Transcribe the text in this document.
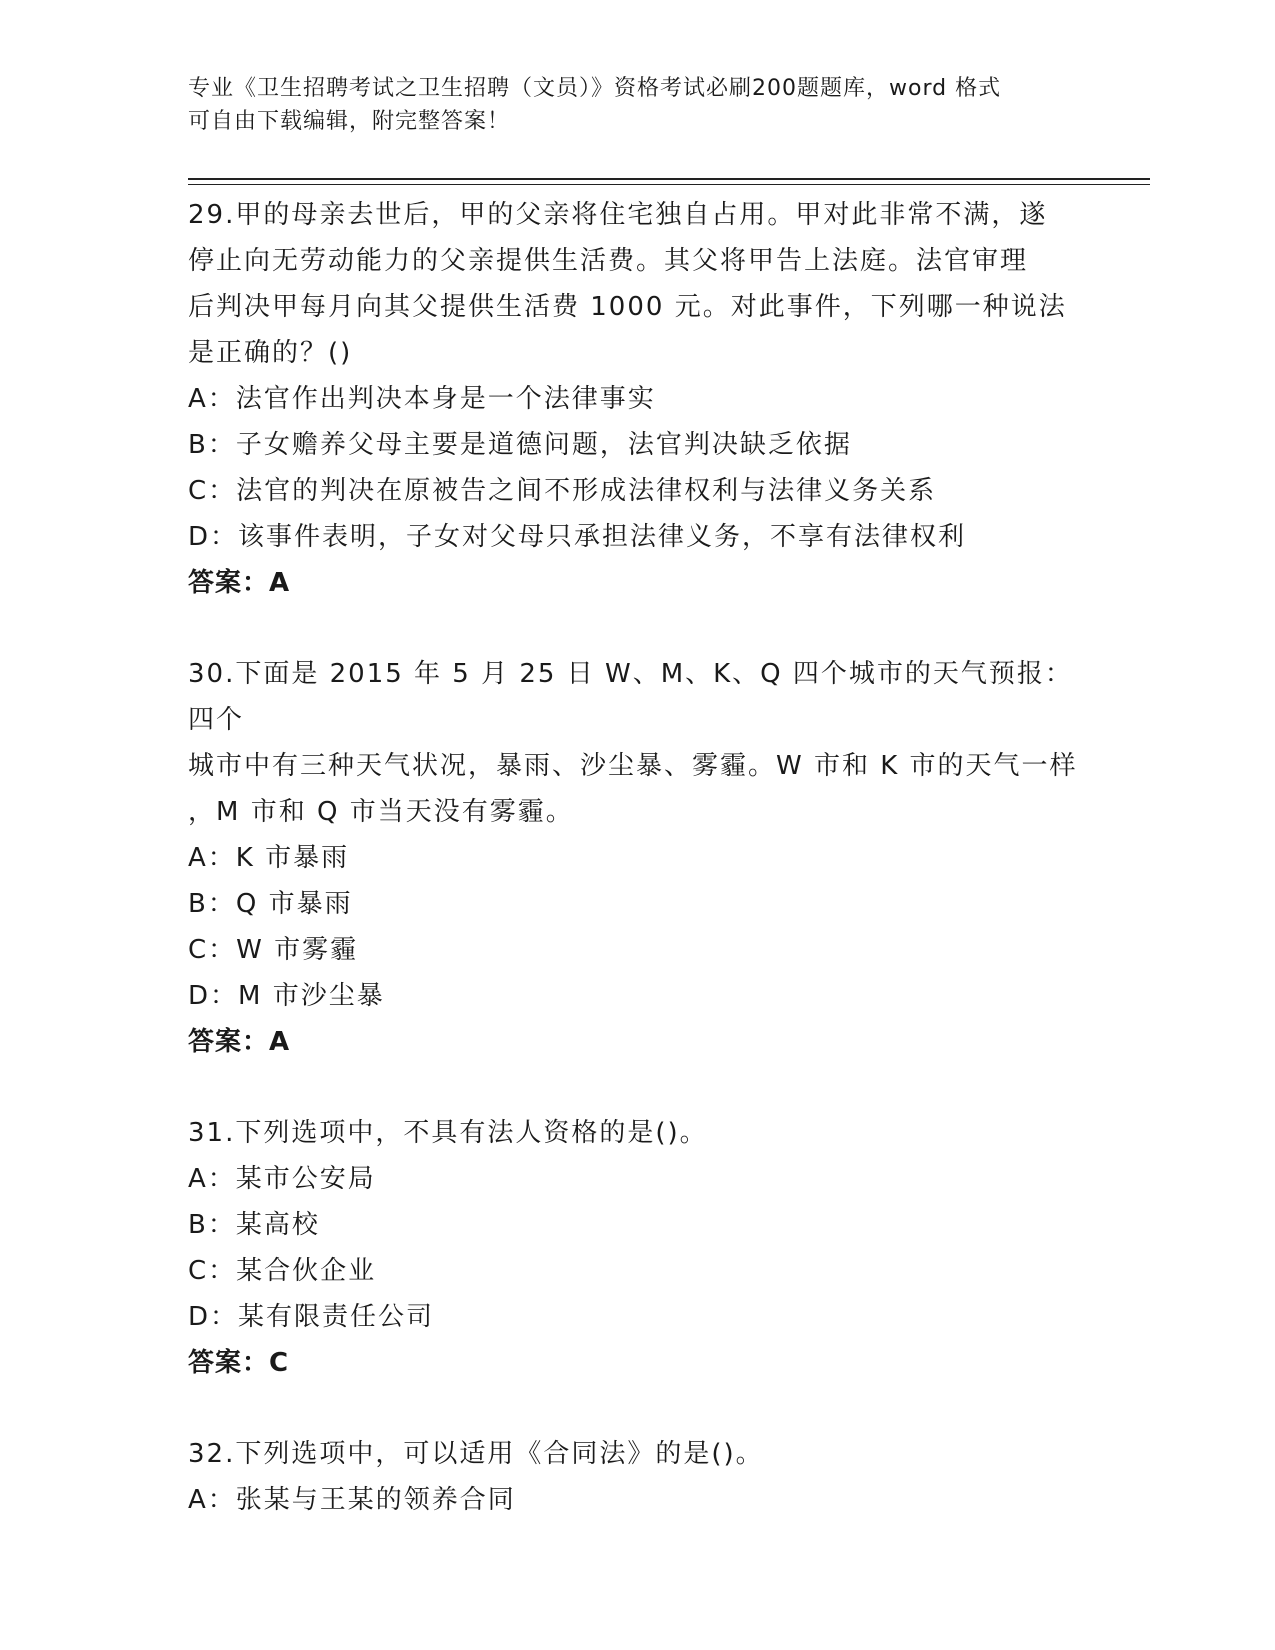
专业《卫生招聘考试之卫生招聘（文员）》资格考试必刷200题题库，word 格式
可自由下载编辑，附完整答案！

29.甲的母亲去世后，甲的父亲将住宅独自占用。甲对此非常不满，遂

停止向无劳动能力的父亲提供生活费。其父将甲告上法庭。法官审理

后判决甲每月向其父提供生活费 1000 元。对此事件，下列哪一种说法

是正确的？()

A：法官作出判决本身是一个法律事实

B：子女赡养父母主要是道德问题，法官判决缺乏依据

C：法官的判决在原被告之间不形成法律权利与法律义务关系

D：该事件表明，子女对父母只承担法律义务，不享有法律权利

答案：A

30.下面是 2015 年 5 月 25 日 W、M、K、Q 四个城市的天气预报：四个

城市中有三种天气状况，暴雨、沙尘暴、雾霾。W 市和 K 市的天气一样

，M 市和 Q 市当天没有雾霾。

A：K 市暴雨

B：Q 市暴雨

C：W 市雾霾

D：M 市沙尘暴

答案：A

31.下列选项中，不具有法人资格的是()。

A：某市公安局

B：某高校

C：某合伙企业

D：某有限责任公司

答案：C

32.下列选项中，可以适用《合同法》的是()。

A：张某与王某的领养合同
